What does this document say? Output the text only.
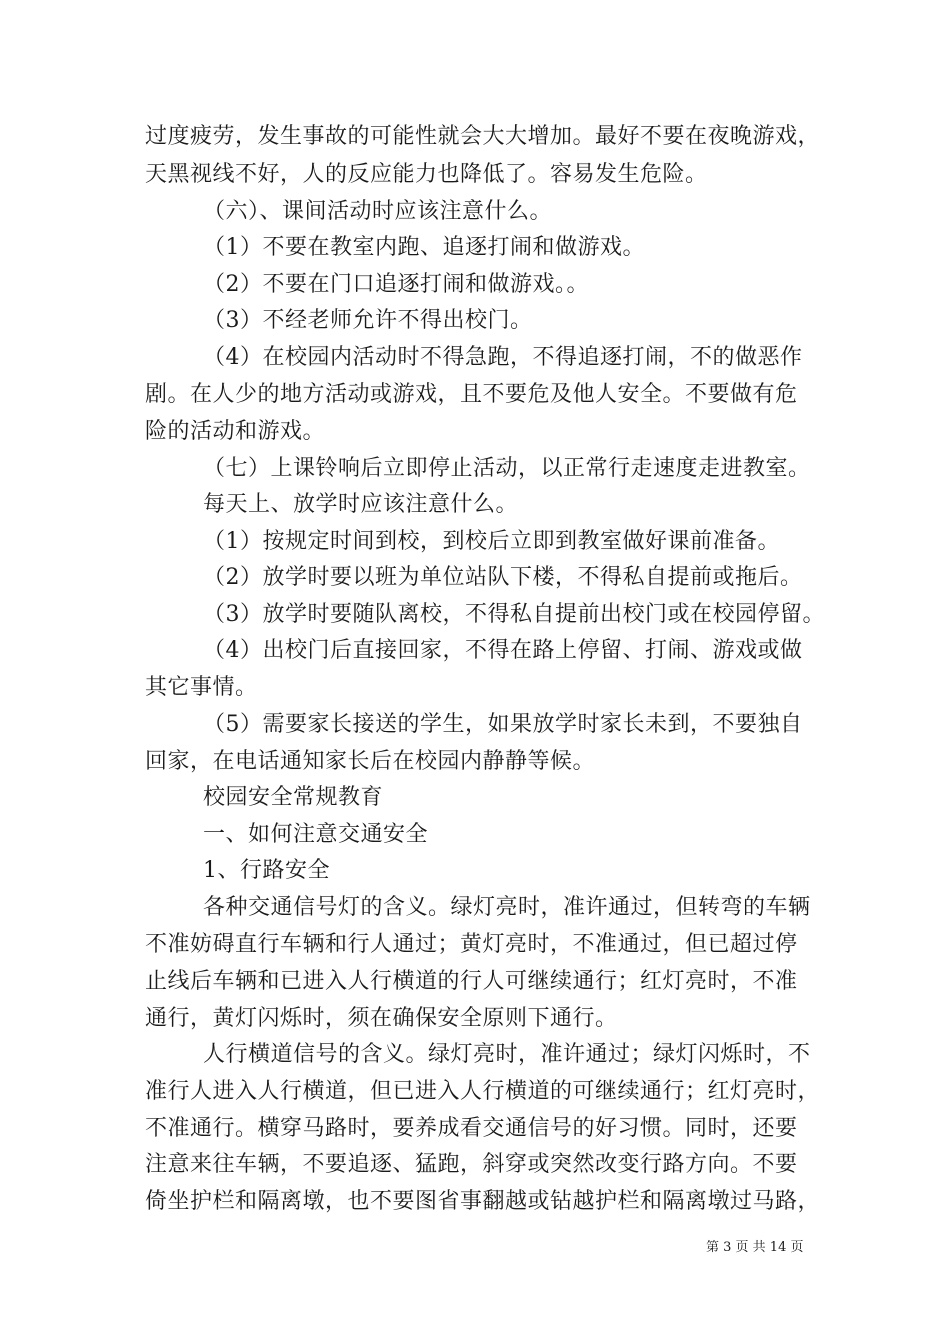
过度疲劳，发生事故的可能性就会大大增加。最好不要在夜晚游戏，
天黑视线不好，人的反应能力也降低了。容易发生危险。
（六）、课间活动时应该注意什么。
（1）不要在教室内跑、追逐打闹和做游戏。
（2）不要在门口追逐打闹和做游戏。。
（3）不经老师允许不得出校门。
（4）在校园内活动时不得急跑，不得追逐打闹，不的做恶作
剧。在人少的地方活动或游戏，且不要危及他人安全。不要做有危
险的活动和游戏。
（七）上课铃响后立即停止活动，以正常行走速度走进教室。
每天上、放学时应该注意什么。
（1）按规定时间到校，到校后立即到教室做好课前准备。
（2）放学时要以班为单位站队下楼，不得私自提前或拖后。
（3）放学时要随队离校，不得私自提前出校门或在校园停留。
（4）出校门后直接回家，不得在路上停留、打闹、游戏或做
其它事情。
（5）需要家长接送的学生，如果放学时家长未到，不要独自
回家，在电话通知家长后在校园内静静等候。
校园安全常规教育
一、如何注意交通安全
1、行路安全
各种交通信号灯的含义。绿灯亮时，准许通过，但转弯的车辆
不准妨碍直行车辆和行人通过；黄灯亮时，不准通过，但已超过停
止线后车辆和已进入人行横道的行人可继续通行；红灯亮时，不准
通行，黄灯闪烁时，须在确保安全原则下通行。
人行横道信号的含义。绿灯亮时，准许通过；绿灯闪烁时，不
准行人进入人行横道，但已进入人行横道的可继续通行；红灯亮时，
不准通行。横穿马路时，要养成看交通信号的好习惯。同时，还要
注意来往车辆，不要追逐、猛跑，斜穿或突然改变行路方向。不要
倚坐护栏和隔离墩，也不要图省事翻越或钻越护栏和隔离墩过马路，
第 3 页 共 14 页
